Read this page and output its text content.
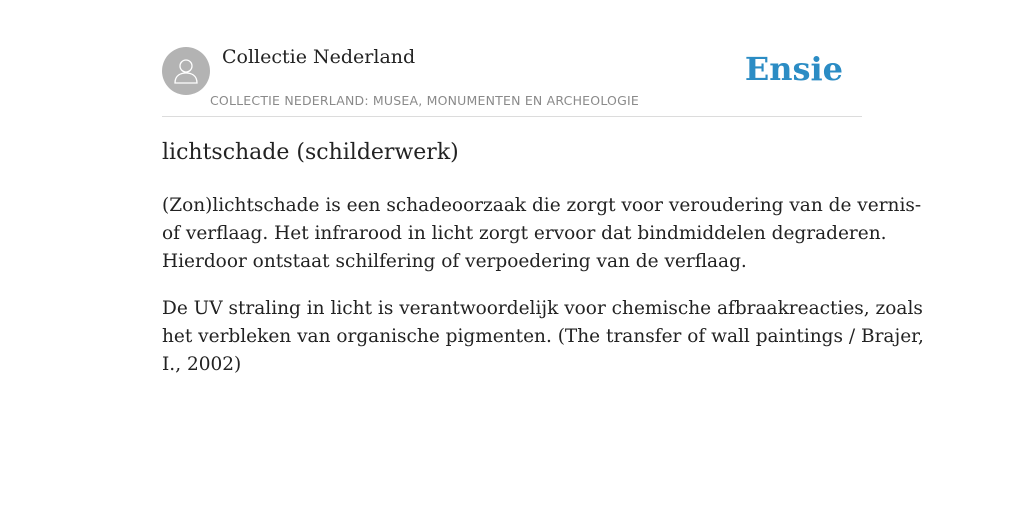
Collectie Nederland
COLLECTIE NEDERLAND: MUSEA, MONUMENTEN EN ARCHEOLOGIE
Ensie
lichtschade (schilderwerk)

(Zon)lichtschade is een schadeoorzaak die zorgt voor veroudering van de vernis-
of verflaag. Het infrarood in licht zorgt ervoor dat bindmiddelen degraderen.
Hierdoor ontstaat schilfering of verpoedering van de verflaag.

De UV straling in licht is verantwoordelijk voor chemische afbraakreacties, zoals
het verbleken van organische pigmenten. (The transfer of wall paintings / Brajer,
I., 2002)
